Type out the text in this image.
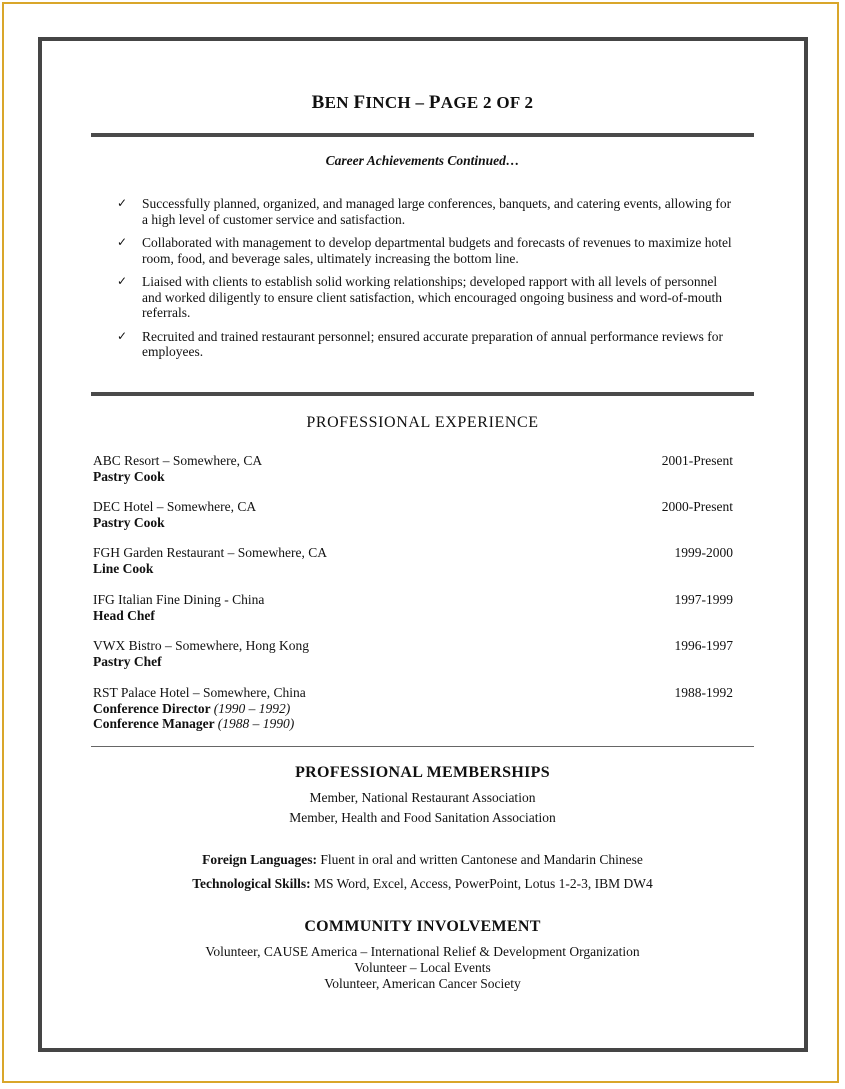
BEN FINCH – PAGE 2 OF 2
Career Achievements Continued…
✓ Successfully planned, organized, and managed large conferences, banquets, and catering events, allowing for a high level of customer service and satisfaction.
✓ Collaborated with management to develop departmental budgets and forecasts of revenues to maximize hotel room, food, and beverage sales, ultimately increasing the bottom line.
✓ Liaised with clients to establish solid working relationships; developed rapport with all levels of personnel and worked diligently to ensure client satisfaction, which encouraged ongoing business and word-of-mouth referrals.
✓ Recruited and trained restaurant personnel; ensured accurate preparation of annual performance reviews for employees.
PROFESSIONAL EXPERIENCE
ABC Resort – Somewhere, CA	2001-Present
Pastry Cook
DEC Hotel – Somewhere, CA	2000-Present
Pastry Cook
FGH Garden Restaurant – Somewhere, CA	1999-2000
Line Cook
IFG Italian Fine Dining - China	1997-1999
Head Chef
VWX Bistro – Somewhere, Hong Kong	1996-1997
Pastry Chef
RST Palace Hotel – Somewhere, China	1988-1992
Conference Director (1990 – 1992)
Conference Manager (1988 – 1990)
PROFESSIONAL MEMBERSHIPS
Member, National Restaurant Association
Member, Health and Food Sanitation Association
Foreign Languages: Fluent in oral and written Cantonese and Mandarin Chinese
Technological Skills: MS Word, Excel, Access, PowerPoint, Lotus 1-2-3, IBM DW4
COMMUNITY INVOLVEMENT
Volunteer, CAUSE America – International Relief & Development Organization
Volunteer – Local Events
Volunteer, American Cancer Society
